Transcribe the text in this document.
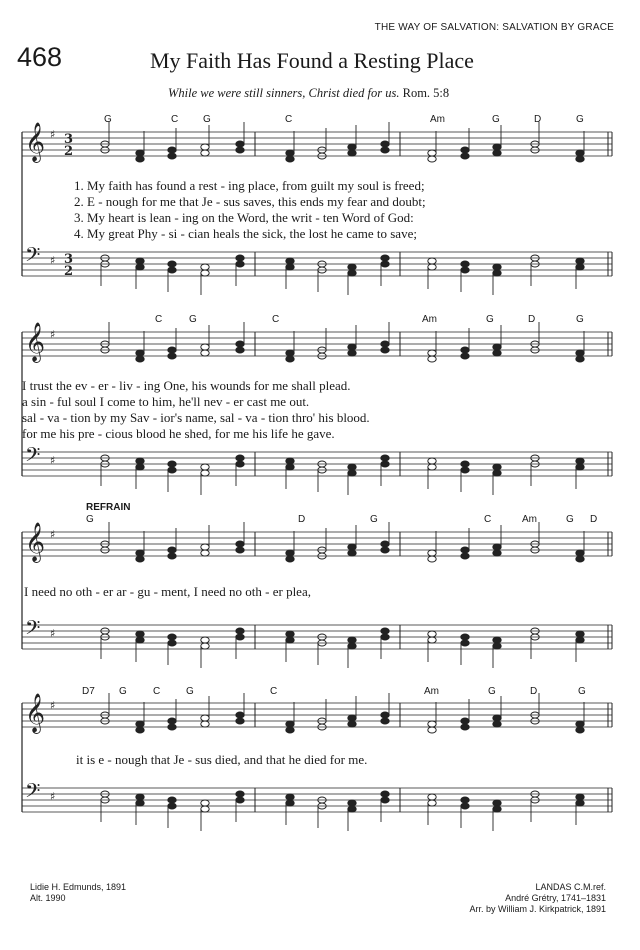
THE WAY OF SALVATION: SALVATION BY GRACE
468	My Faith Has Found a Resting Place
While we were still sinners, Christ died for us. Rom. 5:8
𝄞 ♯ 3
2
𝄢 ♯ 3
2
𝄞 ♯
𝄢 ♯
𝄞 ♯
𝄢 ♯
𝄞 ♯
𝄢 ♯
G	C G	C	Am	G	D	G
1. My faith has found a rest - ing place, from guilt my soul is freed;
2. E - nough for me that Je - sus saves, this ends my fear and doubt;
3. My heart is lean - ing on the Word, the writ - ten Word of God:
4. My great Phy - si - cian heals the sick, the lost he came to save;
C	G	C	Am	G	D	G
I trust the ev - er - liv - ing One, his wounds for me shall plead.
a sin - ful soul I come to him, he'll nev - er cast me out.
sal - va - tion by my Sav - ior's name, sal - va - tion thro' his blood.
for me his pre - cious blood he shed, for me his life he gave.
REFRAIN
G	D	G	C	Am	G D
I need no oth - er ar - gu - ment, I need no oth - er plea,
D7 G	C	G	C	Am	G	D	G
it is e - nough that Je - sus died, and that he died for me.
Lidie H. Edmunds, 1891
Alt. 1990
LANDAS C.M.ref.
André Grétry, 1741–1831
Arr. by William J. Kirkpatrick, 1891
